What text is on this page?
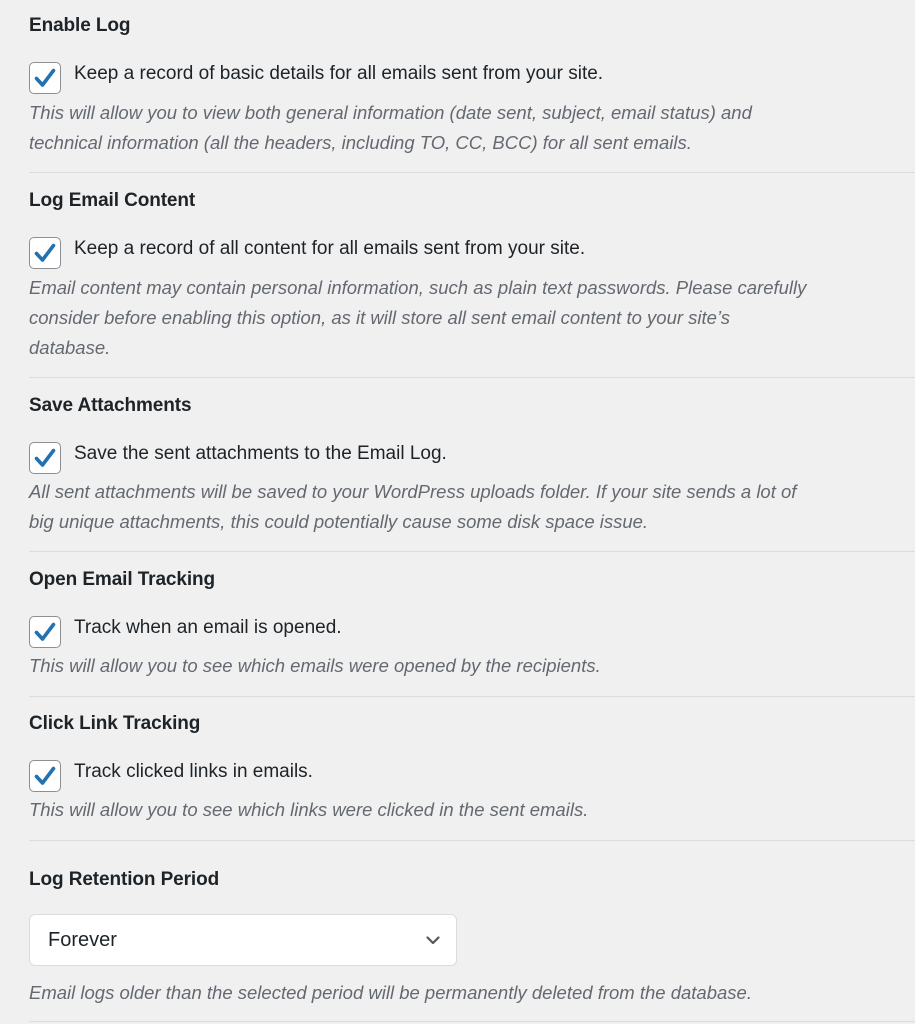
Enable Log
Keep a record of basic details for all emails sent from your site.
This will allow you to view both general information (date sent, subject, email status) and
technical information (all the headers, including TO, CC, BCC) for all sent emails.
Log Email Content
Keep a record of all content for all emails sent from your site.
Email content may contain personal information, such as plain text passwords. Please carefully
consider before enabling this option, as it will store all sent email content to your site’s
database.
Save Attachments
Save the sent attachments to the Email Log.
All sent attachments will be saved to your WordPress uploads folder. If your site sends a lot of
big unique attachments, this could potentially cause some disk space issue.
Open Email Tracking
Track when an email is opened.
This will allow you to see which emails were opened by the recipients.
Click Link Tracking
Track clicked links in emails.
This will allow you to see which links were clicked in the sent emails.
Log Retention Period
Forever
Email logs older than the selected period will be permanently deleted from the database.
